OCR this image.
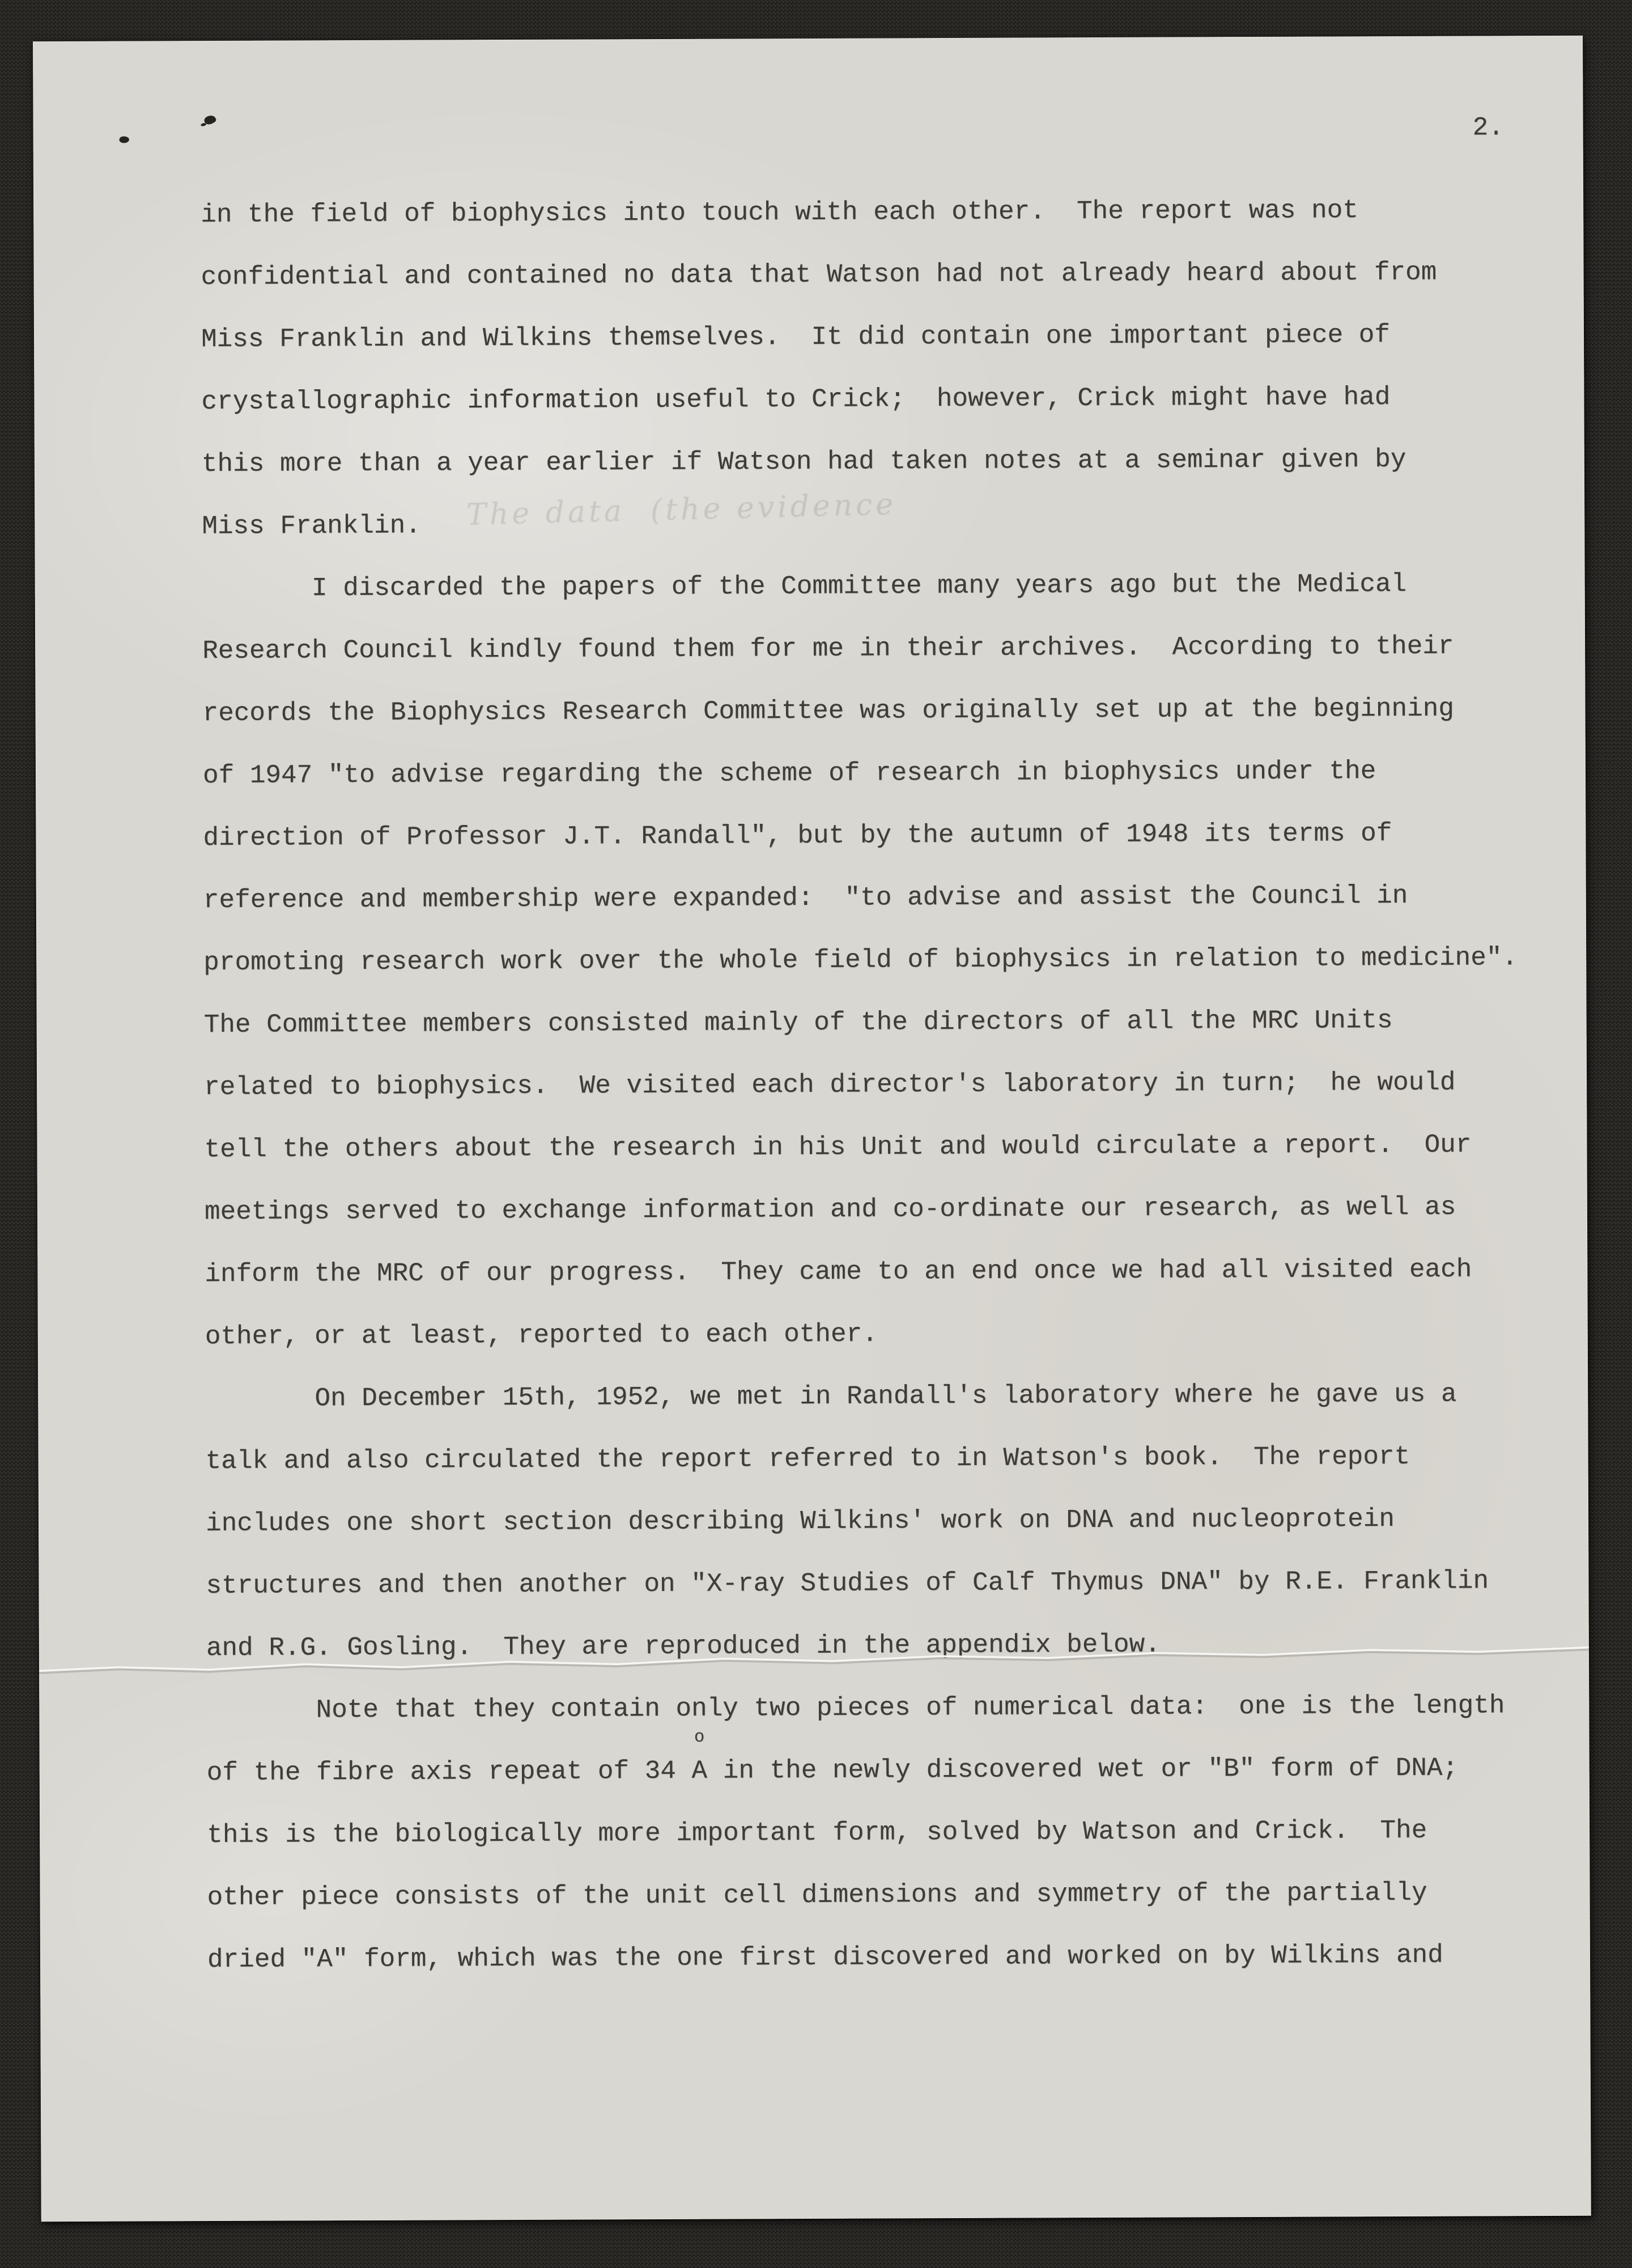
2.
The data  (the evidence
in the field of biophysics into touch with each other.  The report was not
confidential and contained no data that Watson had not already heard about from
Miss Franklin and Wilkins themselves.  It did contain one important piece of
crystallographic information useful to Crick;  however, Crick might have had
this more than a year earlier if Watson had taken notes at a seminar given by
Miss Franklin.
I discarded the papers of the Committee many years ago but the Medical
Research Council kindly found them for me in their archives.  According to their
records the Biophysics Research Committee was originally set up at the beginning
of 1947 "to advise regarding the scheme of research in biophysics under the
direction of Professor J.T. Randall", but by the autumn of 1948 its terms of
reference and membership were expanded:  "to advise and assist the Council in
promoting research work over the whole field of biophysics in relation to medicine".
The Committee members consisted mainly of the directors of all the MRC Units
related to biophysics.  We visited each director's laboratory in turn;  he would
tell the others about the research in his Unit and would circulate a report.  Our
meetings served to exchange information and co-ordinate our research, as well as
inform the MRC of our progress.  They came to an end once we had all visited each
other, or at least, reported to each other.
On December 15th, 1952, we met in Randall's laboratory where he gave us a
talk and also circulated the report referred to in Watson's book.  The report
includes one short section describing Wilkins' work on DNA and nucleoprotein
structures and then another on "X-ray Studies of Calf Thymus DNA" by R.E. Franklin
and R.G. Gosling.  They are reproduced in the appendix below.
Note that they contain only two pieces of numerical data:  one is the length
of the fibre axis repeat of 34
o
A in the newly discovered wet or "B" form of DNA;
this is the biologically more important form, solved by Watson and Crick.  The
other piece consists of the unit cell dimensions and symmetry of the partially
dried "A" form, which was the one first discovered and worked on by Wilkins and
